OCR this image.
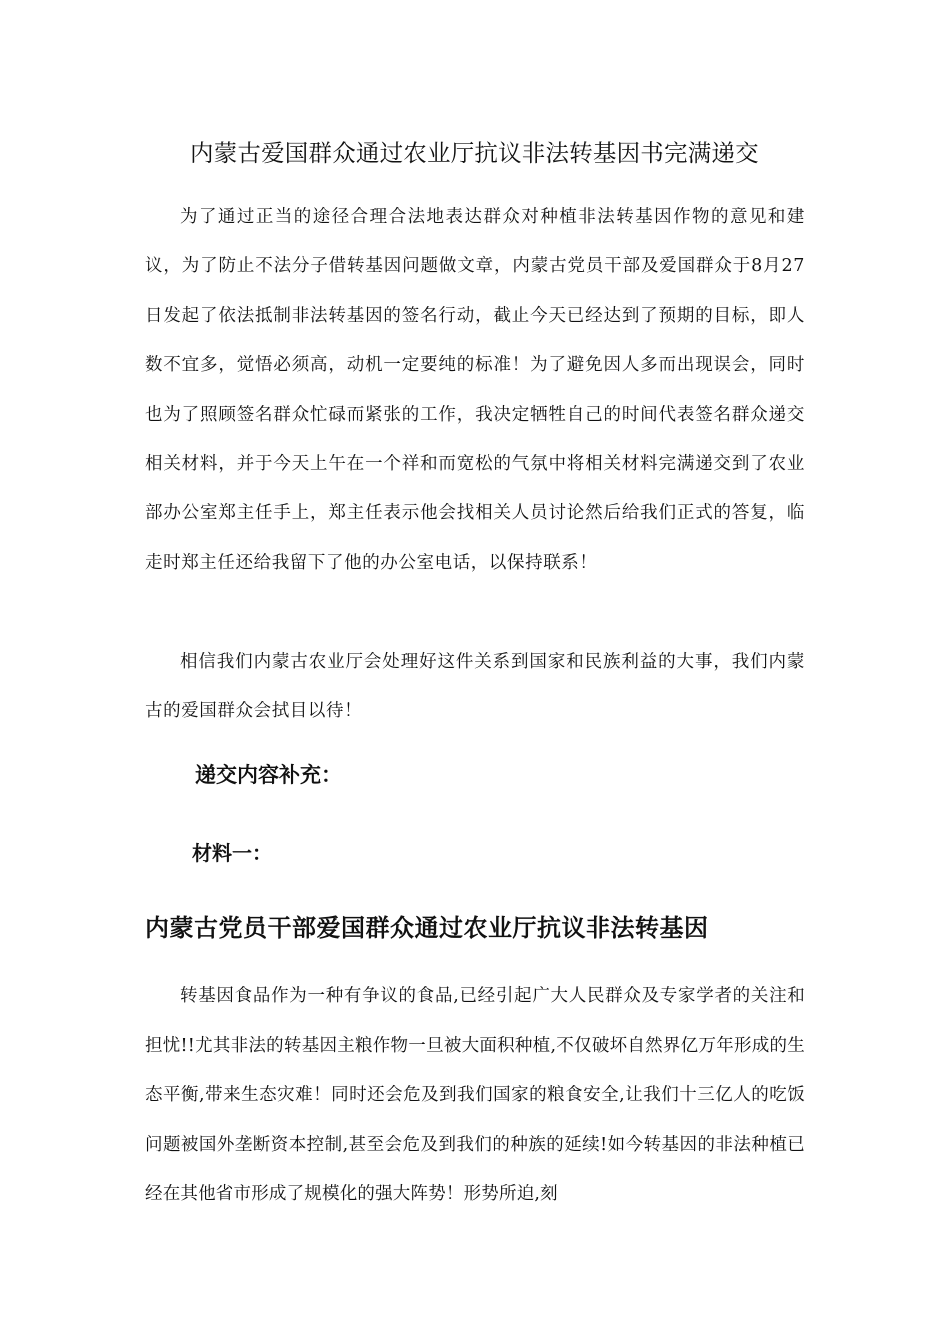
内蒙古爱国群众通过农业厅抗议非法转基因书完满递交
为了通过正当的途径合理合法地表达群众对种植非法转基因作物的意见和建议，为了防止不法分子借转基因问题做文章，内蒙古党员干部及爱国群众于8月27日发起了依法抵制非法转基因的签名行动，截止今天已经达到了预期的目标，即人数不宜多，觉悟必须高，动机一定要纯的标准！为了避免因人多而出现误会，同时也为了照顾签名群众忙碌而紧张的工作，我决定牺牲自己的时间代表签名群众递交相关材料，并于今天上午在一个祥和而宽松的气氛中将相关材料完满递交到了农业部办公室郑主任手上，郑主任表示他会找相关人员讨论然后给我们正式的答复，临走时郑主任还给我留下了他的办公室电话，以保持联系！
相信我们内蒙古农业厅会处理好这件关系到国家和民族利益的大事，我们内蒙古的爱国群众会拭目以待！
递交内容补充：
材料一：
内蒙古党员干部爱国群众通过农业厅抗议非法转基因
转基因食品作为一种有争议的食品,已经引起广大人民群众及专家学者的关注和担忧!!尤其非法的转基因主粮作物一旦被大面积种植,不仅破坏自然界亿万年形成的生态平衡,带来生态灾难！同时还会危及到我们国家的粮食安全,让我们十三亿人的吃饭问题被国外垄断资本控制,甚至会危及到我们的种族的延续!如今转基因的非法种植已经在其他省市形成了规模化的强大阵势！形势所迫,刻
